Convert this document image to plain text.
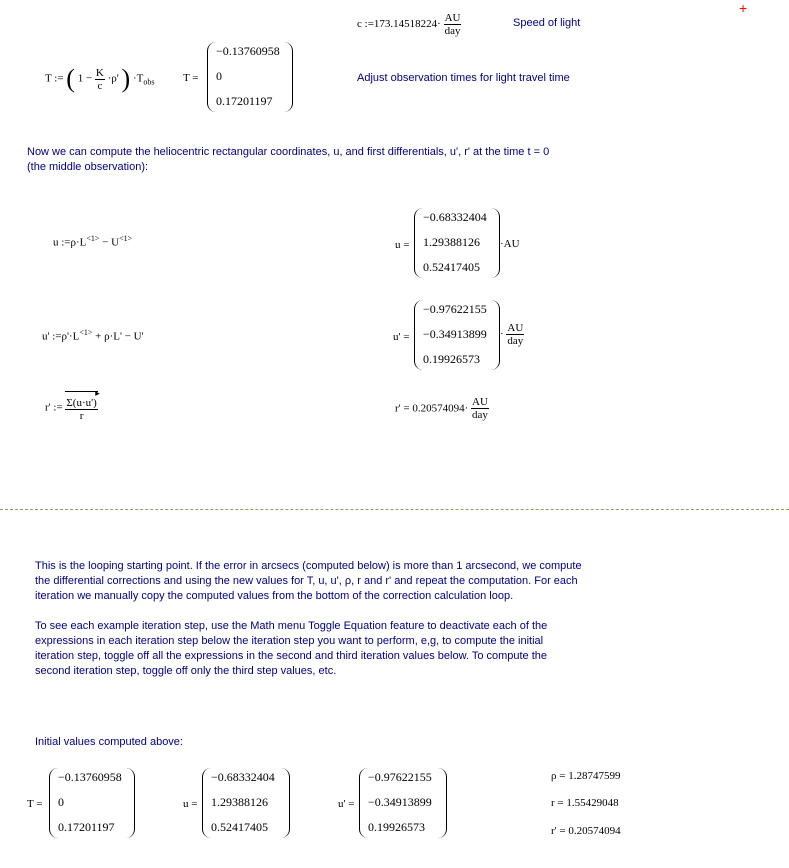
+
c :=173.14518224· $\frac{AU}{\text{day}}$	Speed of light
T := ( $1 - \frac{K}{c} \cdot\rho'$ ) $\cdot T_{obs}$	T =
−0.13760958
0
0.17201197
Adjust observation times for light travel time
Now we can compute the heliocentric rectangular coordinates, u, and first differentials, u', r' at the time t = 0
(the middle observation):
u $:=\rho\cdot L^{<1>} - U^{<1>}$
u =
−0.68332404
1.29388126
0.52417405
·AU
u' $:=\rho'\cdot L^{<1>} + \rho\cdot L' - U'$	u' =
−0.97622155
−0.34913899
0.19926573
· $\frac{AU}{\text{day}}$
r' := ▸
Σ(u·u')
r	$r' = 0.20574094\cdot \frac{AU}{\text{day}}$
This is the looping starting point. If the error in arcsecs (computed below) is more than 1 arcsecond, we compute
the differential corrections and using the new values for T, u, u', ρ, r and r' and repeat the computation. For each
iteration we manually copy the computed values from the bottom of the correction calculation loop.
To see each example iteration step, use the Math menu Toggle Equation feature to deactivate each of the
expressions in each iteration step below the iteration step you want to perform, e,g, to compute the initial
iteration step, toggle off all the expressions in the second and third iteration values below. To compute the
second iteration step, toggle off only the third step values, etc.
Initial values computed above:
T =
−0.13760958
0
0.17201197
u =
−0.68332404
1.29388126
0.52417405
u' =
−0.97622155
−0.34913899
0.19926573
ρ = 1.28747599
r = 1.55429048
r' = 0.20574094
